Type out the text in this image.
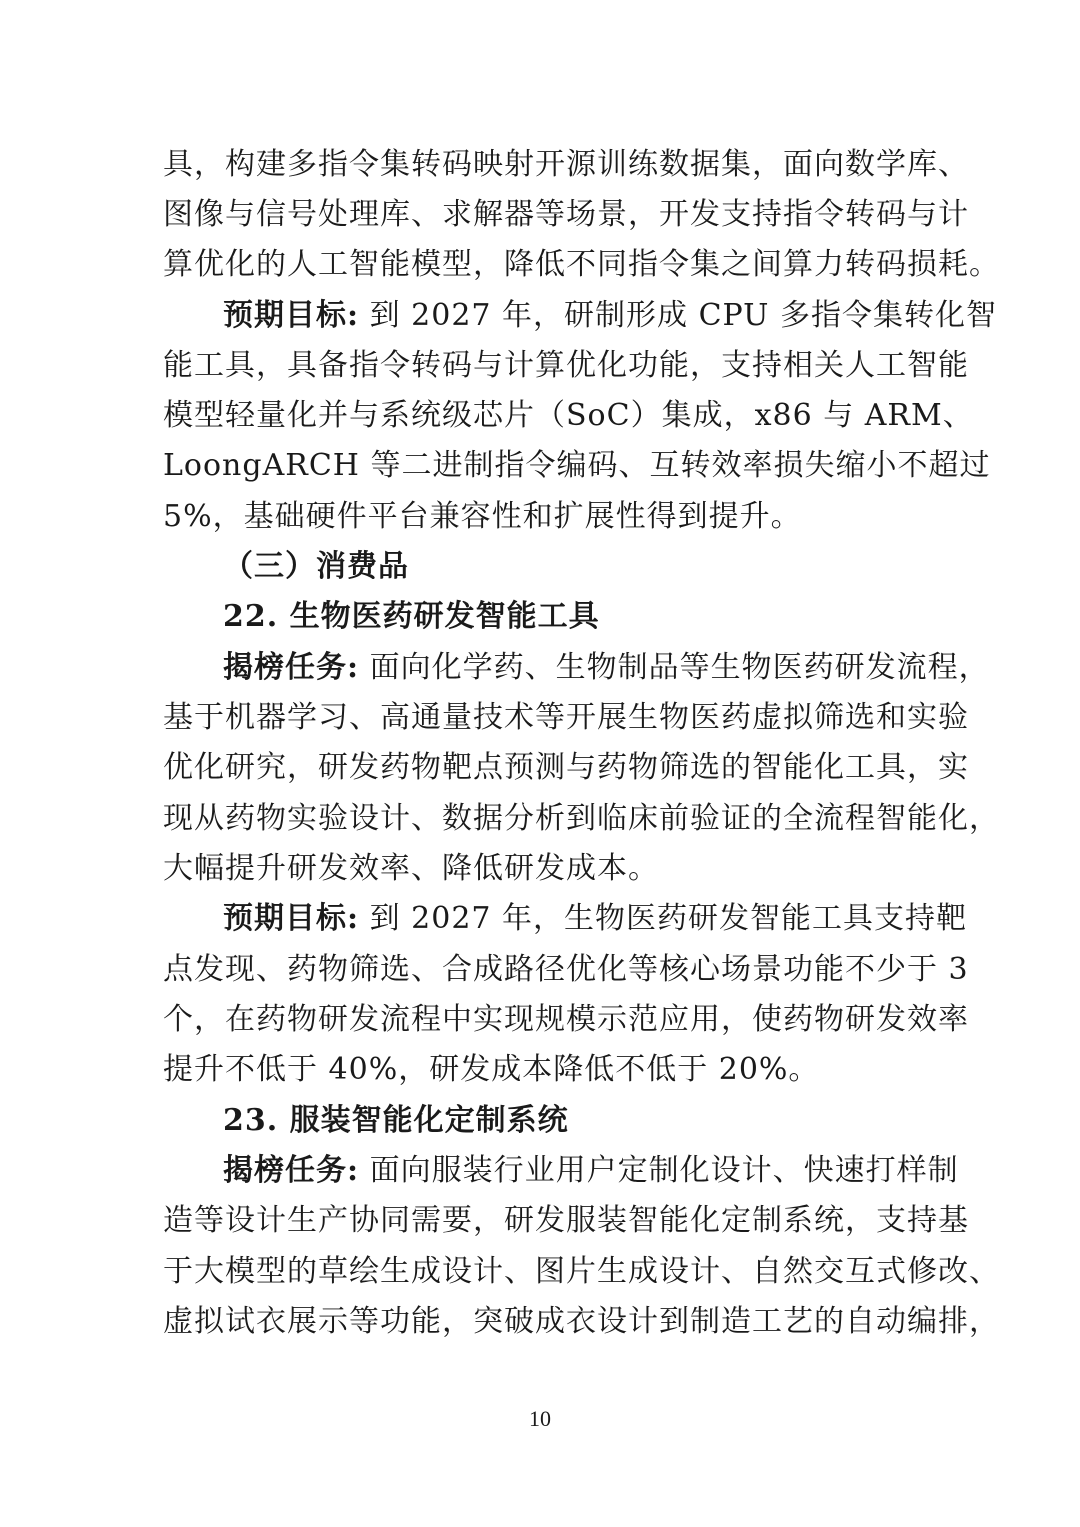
具，构建多指令集转码映射开源训练数据集，面向数学库、
图像与信号处理库、求解器等场景，开发支持指令转码与计
算优化的人工智能模型，降低不同指令集之间算力转码损耗。
预期目标: 到 2027 年，研制形成 CPU 多指令集转化智
能工具，具备指令转码与计算优化功能，支持相关人工智能
模型轻量化并与系统级芯片（SoC）集成，x86 与 ARM、
LoongARCH 等二进制指令编码、互转效率损失缩小不超过
5%，基础硬件平台兼容性和扩展性得到提升。
（三）消费品
22. 生物医药研发智能工具
揭榜任务: 面向化学药、生物制品等生物医药研发流程，
基于机器学习、高通量技术等开展生物医药虚拟筛选和实验
优化研究，研发药物靶点预测与药物筛选的智能化工具，实
现从药物实验设计、数据分析到临床前验证的全流程智能化，
大幅提升研发效率、降低研发成本。
预期目标: 到 2027 年，生物医药研发智能工具支持靶
点发现、药物筛选、合成路径优化等核心场景功能不少于 3
个，在药物研发流程中实现规模示范应用，使药物研发效率
提升不低于 40%，研发成本降低不低于 20%。
23. 服装智能化定制系统
揭榜任务: 面向服装行业用户定制化设计、快速打样制
造等设计生产协同需要，研发服装智能化定制系统，支持基
于大模型的草绘生成设计、图片生成设计、自然交互式修改、
虚拟试衣展示等功能，突破成衣设计到制造工艺的自动编排，
10
